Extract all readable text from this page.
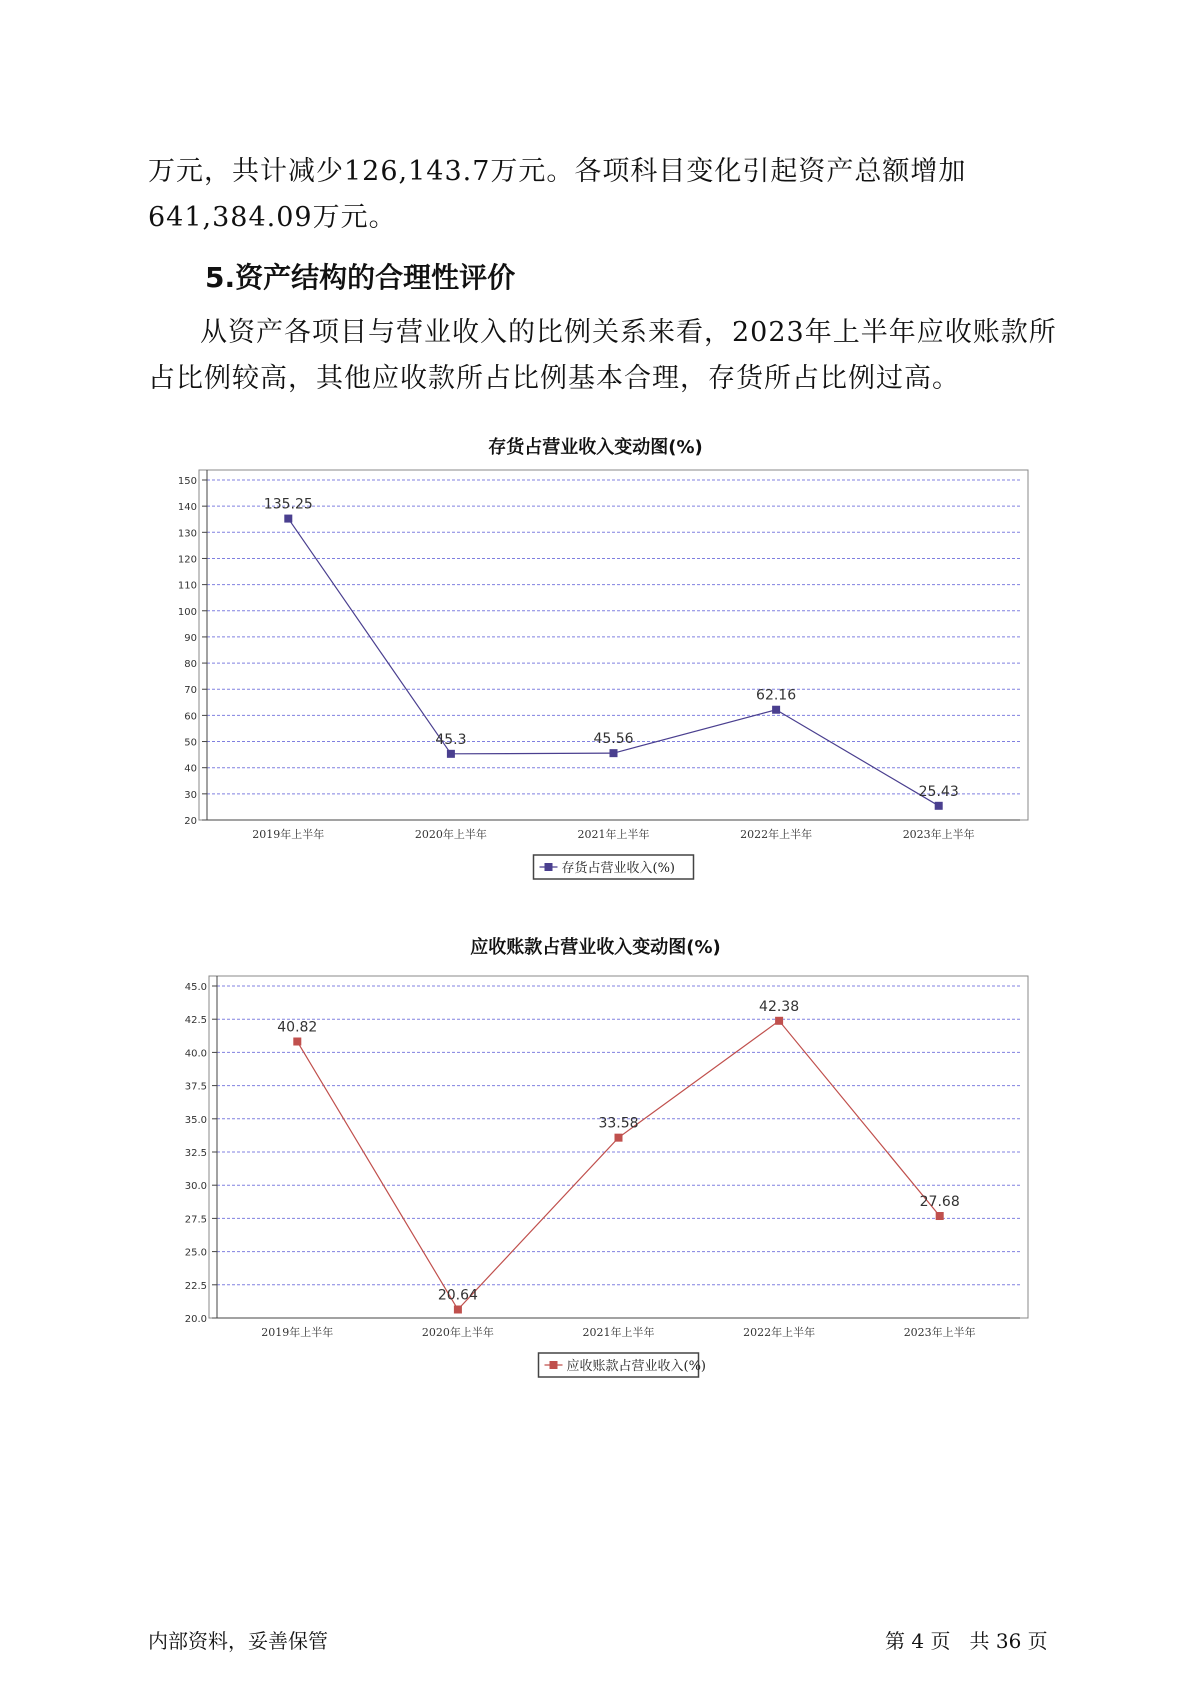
万元，共计减少126,143.7万元。各项科目变化引起资产总额增加

641,384.09万元。

5.资产结构的合理性评价

从资产各项目与营业收入的比例关系来看，2023年上半年应收账款所

占比例较高，其他应收款所占比例基本合理，存货所占比例过高。

存货占营业收入变动图(%)
20
30
40
50
60
70
80
90
100
110
120
130
140
150
2019年上半年	2020年上半年	2021年上半年	2022年上半年	2023年上半年
135.25
45.3	45.56
62.16
25.43
存货占营业收入(%)
应收账款占营业收入变动图(%)
20.0
22.5
25.0
27.5
30.0
32.5
35.0
37.5
40.0
42.5
45.0
2019年上半年	2020年上半年	2021年上半年	2022年上半年	2023年上半年
40.82
20.64
33.58
42.38
27.68
应收账款占营业收入(%)
内部资料，妥善保管	第 4 页   共 36 页
